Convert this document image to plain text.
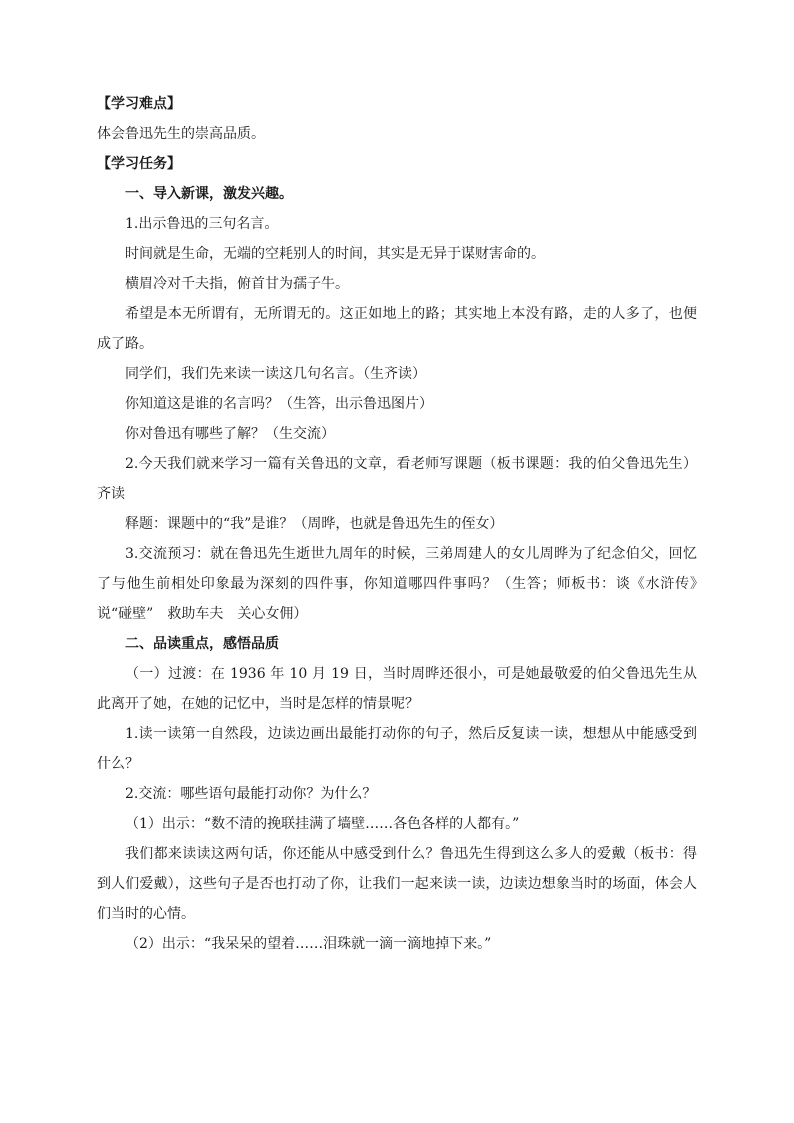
【学习难点】
体会鲁迅先生的崇高品质。
【学习任务】
一、导入新课，激发兴趣。
1.出示鲁迅的三句名言。
时间就是生命，无端的空耗别人的时间，其实是无异于谋财害命的。
横眉冷对千夫指，俯首甘为孺子牛。
希望是本无所谓有，无所谓无的。这正如地上的路；其实地上本没有路，走的人多了，也便成了路。
同学们，我们先来读一读这几句名言。（生齐读）
你知道这是谁的名言吗？（生答，出示鲁迅图片）
你对鲁迅有哪些了解？（生交流）
2.今天我们就来学习一篇有关鲁迅的文章，看老师写课题（板书课题：我的伯父鲁迅先生）齐读
释题：课题中的“我”是谁？（周晔，也就是鲁迅先生的侄女）
3.交流预习：就在鲁迅先生逝世九周年的时候，三弟周建人的女儿周晔为了纪念伯父，回忆了与他生前相处印象最为深刻的四件事，你知道哪四件事吗？（生答；师板书：谈《水浒传》　说“碰壁”　救助车夫　关心女佣）
二、品读重点，感悟品质
（一）过渡：在 1936 年 10 月 19 日，当时周晔还很小，可是她最敬爱的伯父鲁迅先生从此离开了她，在她的记忆中，当时是怎样的情景呢？
1.读一读第一自然段，边读边画出最能打动你的句子，然后反复读一读，想想从中能感受到什么？
2.交流：哪些语句最能打动你？为什么？
（1）出示：“数不清的挽联挂满了墙壁……各色各样的人都有。”
我们都来读读这两句话，你还能从中感受到什么？鲁迅先生得到这么多人的爱戴（板书：得到人们爱戴），这些句子是否也打动了你，让我们一起来读一读，边读边想象当时的场面，体会人们当时的心情。
（2）出示：“我呆呆的望着……泪珠就一滴一滴地掉下来。”
